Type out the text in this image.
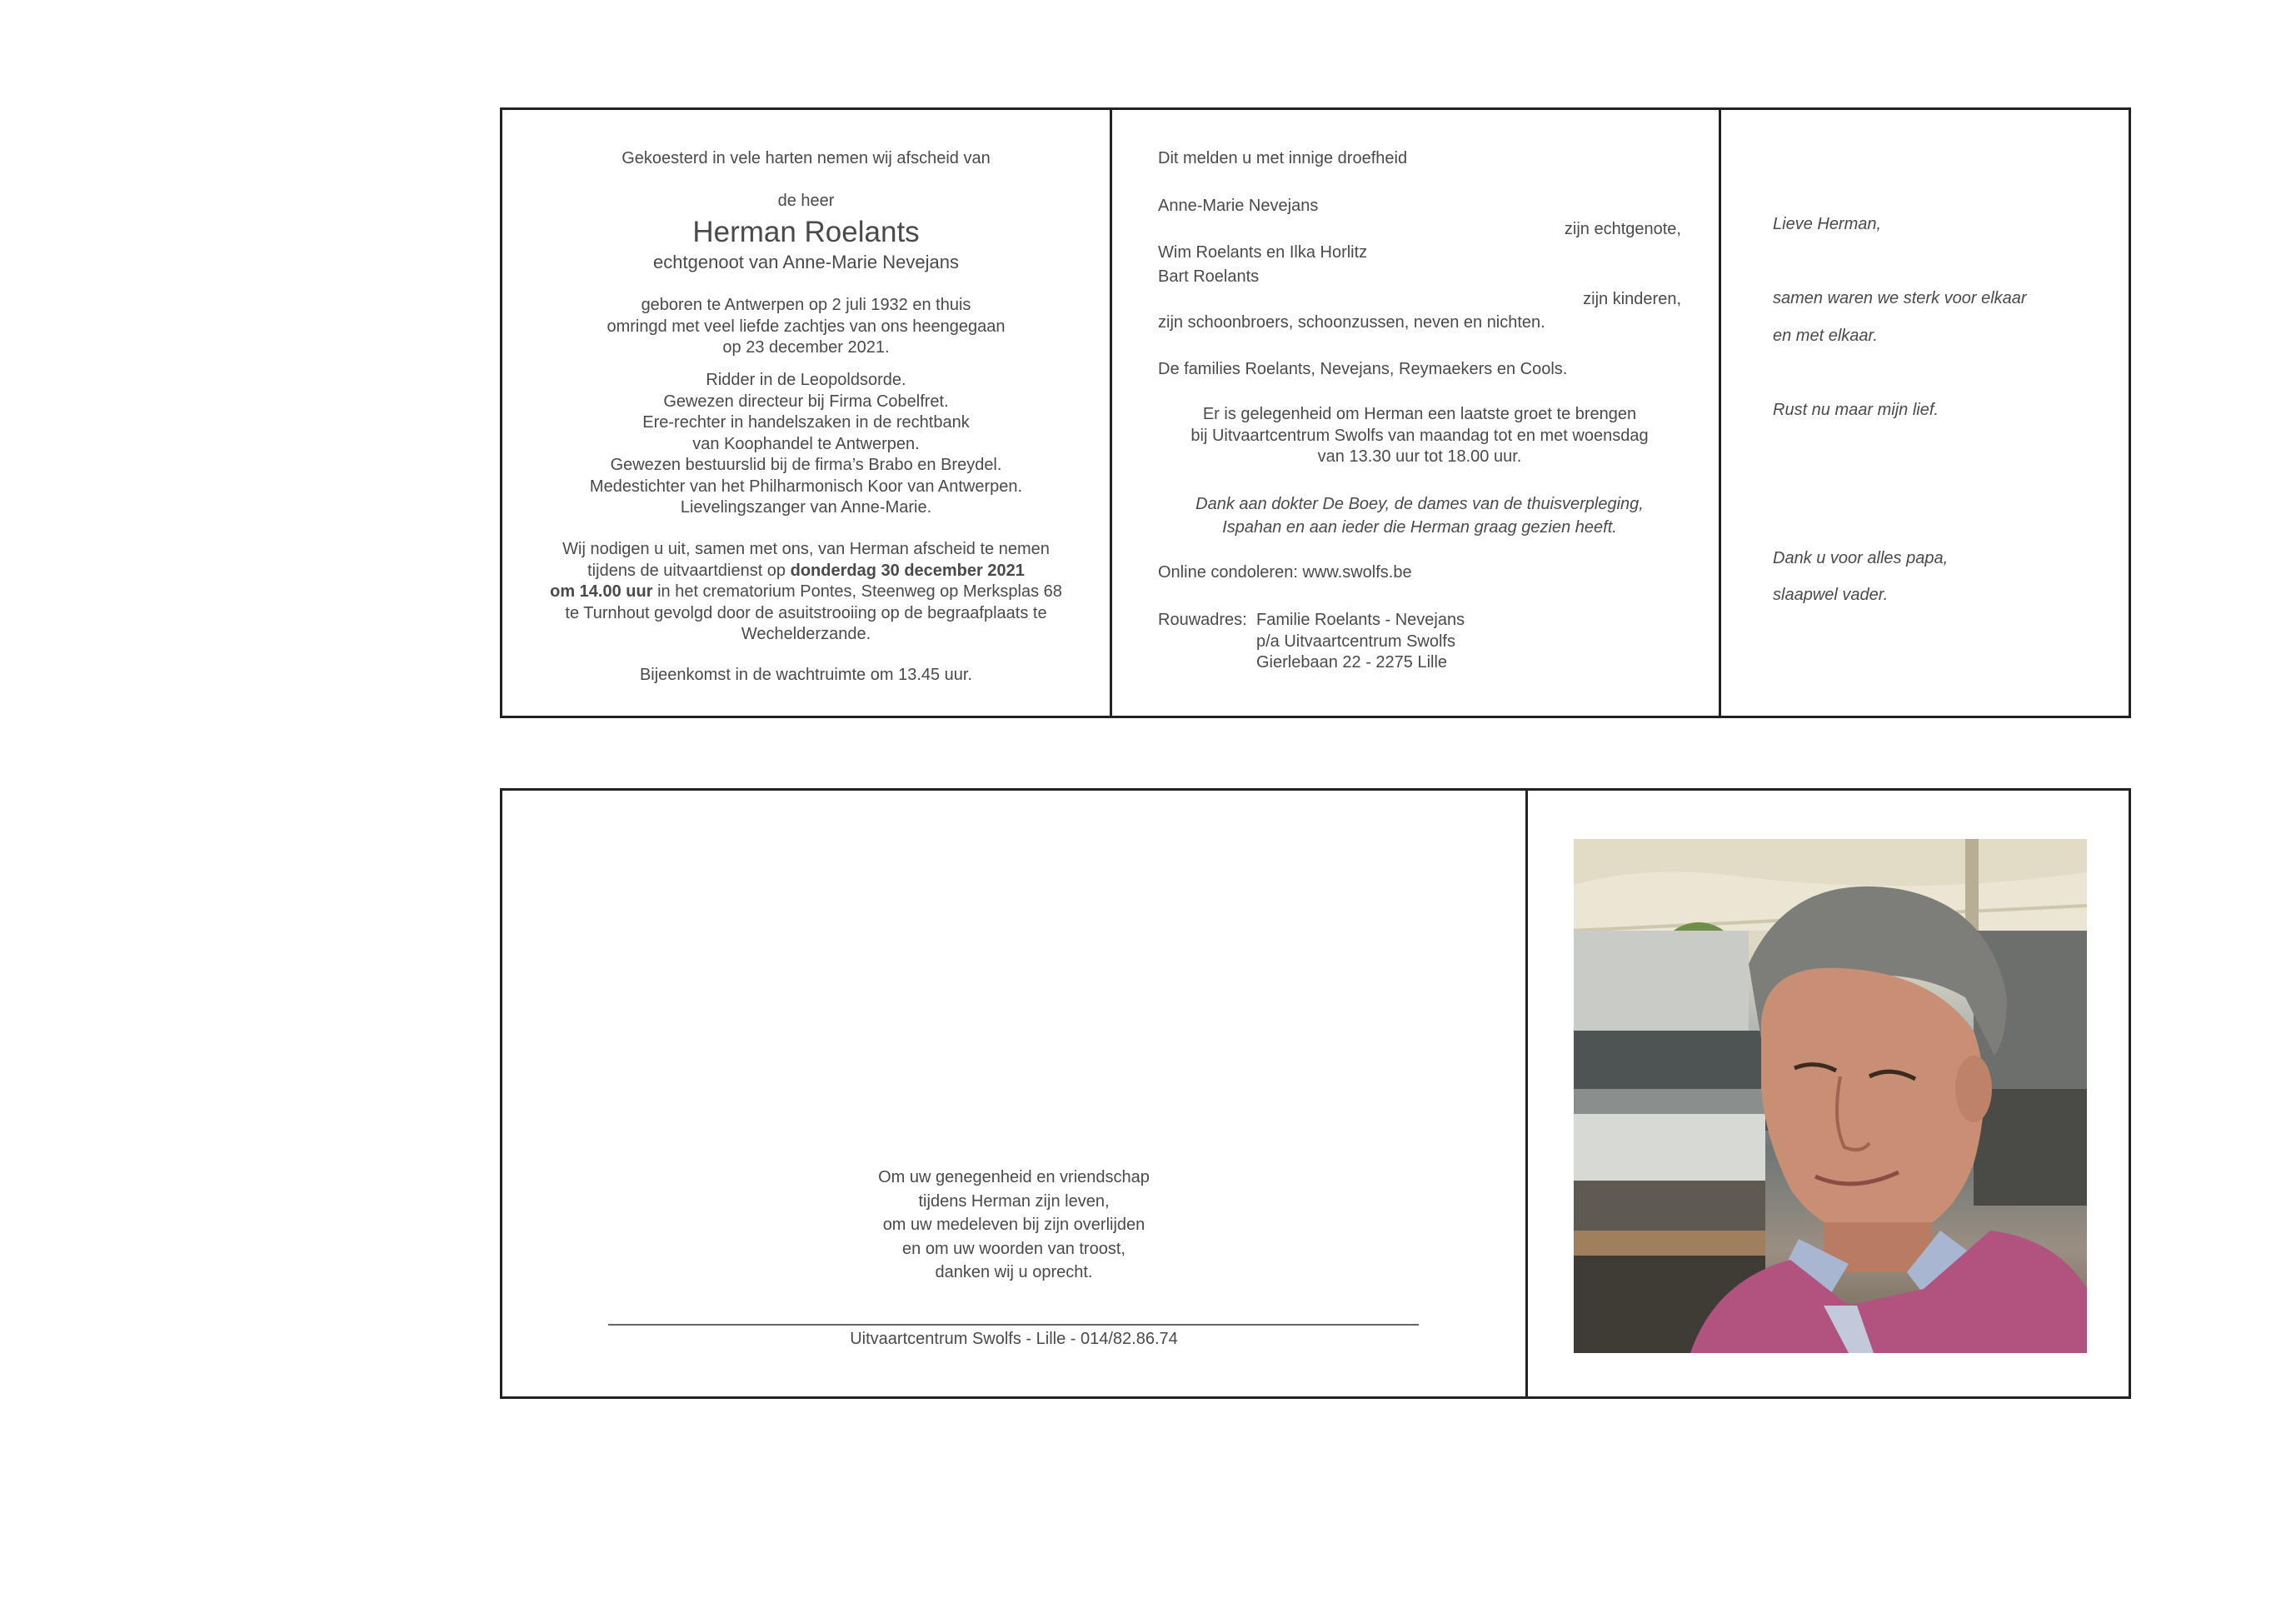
Gekoesterd in vele harten nemen wij afscheid van
de heer
Herman Roelants
echtgenoot van Anne-Marie Nevejans
geboren te Antwerpen op 2 juli 1932 en thuis
omringd met veel liefde zachtjes van ons heengegaan
op 23 december 2021.
Ridder in de Leopoldsorde.
Gewezen directeur bij Firma Cobelfret.
Ere-rechter in handelszaken in de rechtbank
van Koophandel te Antwerpen.
Gewezen bestuurslid bij de firma’s Brabo en Breydel.
Medestichter van het Philharmonisch Koor van Antwerpen.
Lievelingszanger van Anne-Marie.
Wij nodigen u uit, samen met ons, van Herman afscheid te nemen
tijdens de uitvaartdienst op donderdag 30 december 2021
om 14.00 uur in het crematorium Pontes, Steenweg op Merksplas 68
te Turnhout gevolgd door de asuitstrooiing op de begraafplaats te
Wechelderzande.
Bijeenkomst in de wachtruimte om 13.45 uur.
Dit melden u met innige droefheid
Anne-Marie Nevejans
zijn echtgenote,
Wim Roelants en Ilka Horlitz
Bart Roelants
zijn kinderen,
zijn schoonbroers, schoonzussen, neven en nichten.
De families Roelants, Nevejans, Reymaekers en Cools.
Er is gelegenheid om Herman een laatste groet te brengen
bij Uitvaartcentrum Swolfs van maandag tot en met woensdag
van 13.30 uur tot 18.00 uur.
Dank aan dokter De Boey, de dames van de thuisverpleging,
Ispahan en aan ieder die Herman graag gezien heeft.
Online condoleren: www.swolfs.be
Rouwadres: Familie Roelants - Nevejans
p/a Uitvaartcentrum Swolfs
Gierlebaan 22 - 2275 Lille
Lieve Herman,
samen waren we sterk voor elkaar
en met elkaar.
Rust nu maar mijn lief.
Dank u voor alles papa,
slaapwel vader.
Om uw genegenheid en vriendschap
tijdens Herman zijn leven,
om uw medeleven bij zijn overlijden
en om uw woorden van troost,
danken wij u oprecht.
Uitvaartcentrum Swolfs - Lille - 014/82.86.74
